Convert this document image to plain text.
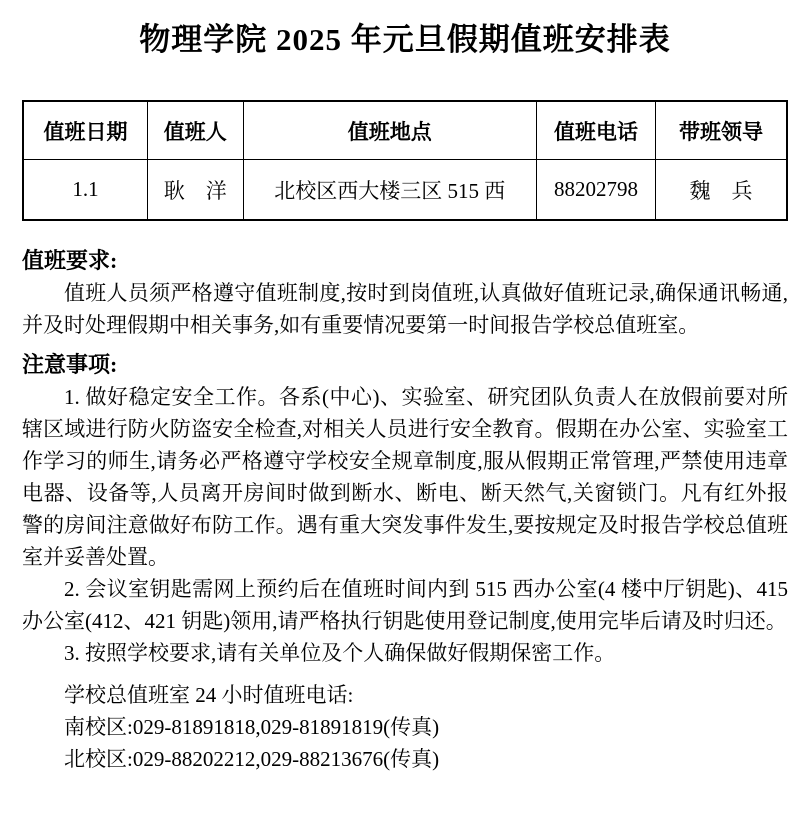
物理学院 2025 年元旦假期值班安排表
值班日期	值班人	值班地点	值班电话	带班领导
1.1	耿　洋	北校区西大楼三区 515 西	88202798	魏　兵
值班要求:

值班人员须严格遵守值班制度,按时到岗值班,认真做好值班记录,确保通讯畅通,并及时处理假期中相关事务,如有重要情况要第一时间报告学校总值班室。

注意事项:

1. 做好稳定安全工作。各系(中心)、实验室、研究团队负责人在放假前要对所辖区域进行防火防盗安全检查,对相关人员进行安全教育。假期在办公室、实验室工作学习的师生,请务必严格遵守学校安全规章制度,服从假期正常管理,严禁使用违章电器、设备等,人员离开房间时做到断水、断电、断天然气,关窗锁门。凡有红外报警的房间注意做好布防工作。遇有重大突发事件发生,要按规定及时报告学校总值班室并妥善处置。

2. 会议室钥匙需网上预约后在值班时间内到 515 西办公室(4 楼中厅钥匙)、415 办公室(412、421 钥匙)领用,请严格执行钥匙使用登记制度,使用完毕后请及时归还。

3. 按照学校要求,请有关单位及个人确保做好假期保密工作。

学校总值班室 24 小时值班电话:

南校区:029-81891818,029-81891819(传真)

北校区:029-88202212,029-88213676(传真)
